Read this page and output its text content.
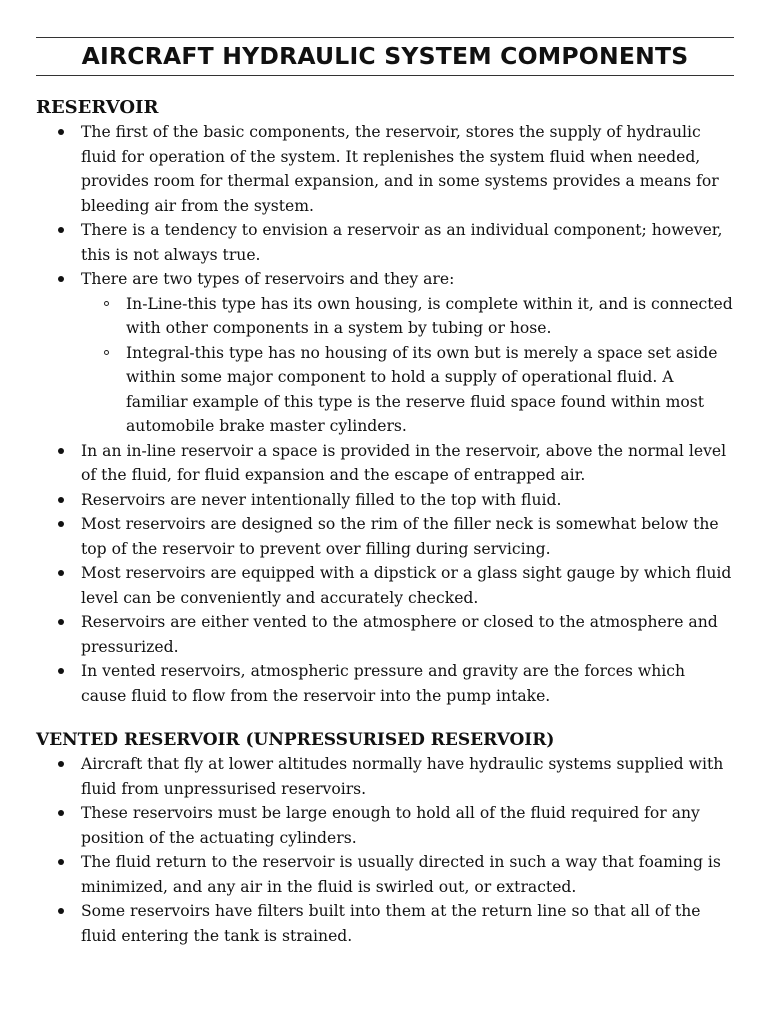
AIRCRAFT HYDRAULIC SYSTEM COMPONENTS
RESERVOIR
The first of the basic components, the reservoir, stores the supply of hydraulic fluid for operation of the system. It replenishes the system fluid when needed, provides room for thermal expansion, and in some systems provides a means for bleeding air from the system.
There is a tendency to envision a reservoir as an individual component; however, this is not always true.
There are two types of reservoirs and they are:
In-Line-this type has its own housing, is complete within it, and is connected with other components in a system by tubing or hose.
Integral-this type has no housing of its own but is merely a space set aside within some major component to hold a supply of operational fluid. A familiar example of this type is the reserve fluid space found within most automobile brake master cylinders.
In an in-line reservoir a space is provided in the reservoir, above the normal level of the fluid, for fluid expansion and the escape of entrapped air.
Reservoirs are never intentionally filled to the top with fluid.
Most reservoirs are designed so the rim of the filler neck is somewhat below the top of the reservoir to prevent over filling during servicing.
Most reservoirs are equipped with a dipstick or a glass sight gauge by which fluid level can be conveniently and accurately checked.
Reservoirs are either vented to the atmosphere or closed to the atmosphere and pressurized.
In vented reservoirs, atmospheric pressure and gravity are the forces which cause fluid to flow from the reservoir into the pump intake.
VENTED RESERVOIR (UNPRESSURISED RESERVOIR)
Aircraft that fly at lower altitudes normally have hydraulic systems supplied with fluid from unpressurised reservoirs.
These reservoirs must be large enough to hold all of the fluid required for any position of the actuating cylinders.
The fluid return to the reservoir is usually directed in such a way that foaming is minimized, and any air in the fluid is swirled out, or extracted.
Some reservoirs have filters built into them at the return line so that all of the fluid entering the tank is strained.
